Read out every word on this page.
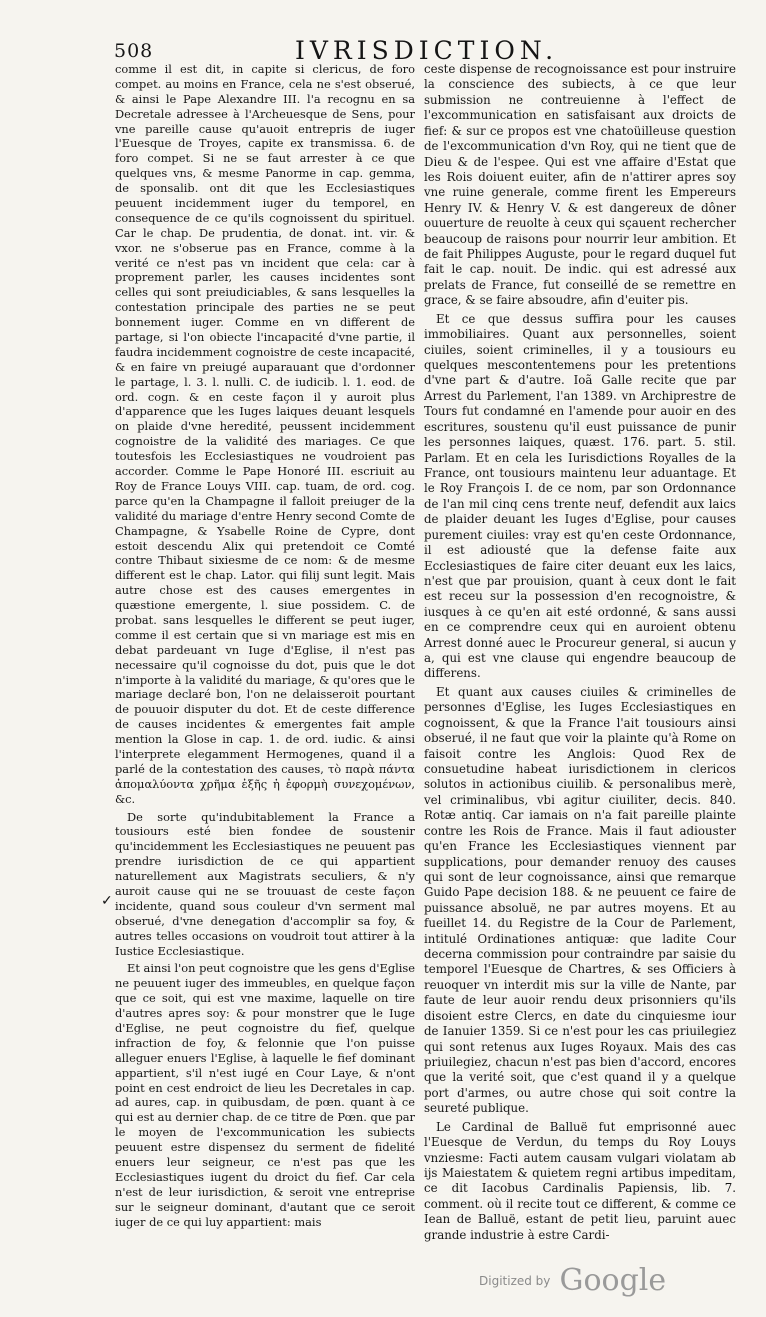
508	IVRISDICTION.
✓

comme il est dit, in capite si clericus, de foro compet. au moins en France, cela ne s'est obserué, & ainsi le Pape Alexandre III. l'a recognu en sa Decretale adressee à l'Archeuesque de Sens, pour vne pareille cause qu'auoit entrepris de iuger l'Euesque de Troyes, capite ex transmissa. 6. de foro compet. Si ne se faut arrester à ce que quelques vns, & mesme Panorme in cap. gemma, de sponsalib. ont dit que les Ecclesiastiques peuuent incidemment iuger du temporel, en consequence de ce qu'ils cognoissent du spirituel. Car le chap. De prudentia, de donat. int. vir. & vxor. ne s'obserue pas en France, comme à la verité ce n'est pas vn incident que cela: car à proprement parler, les causes incidentes sont celles qui sont preiudiciables, & sans lesquelles la contestation principale des parties ne se peut bonnement iuger. Comme en vn different de partage, si l'on obiecte l'incapacité d'vne partie, il faudra incidemment cognoistre de ceste incapacité, & en faire vn preiugé auparauant que d'ordonner le partage, l. 3. l. nulli. C. de iudicib. l. 1. eod. de ord. cogn. & en ceste façon il y auroit plus d'apparence que les Iuges laiques deuant lesquels on plaide d'vne heredité, peussent incidemment cognoistre de la validité des mariages. Ce que toutesfois les Ecclesiastiques ne voudroient pas accorder. Comme le Pape Honoré III. escriuit au Roy de France Louys VIII. cap. tuam, de ord. cog. parce qu'en la Champagne il falloit preiuger de la validité du mariage d'entre Henry second Comte de Champagne, & Ysabelle Roine de Cypre, dont estoit descendu Alix qui pretendoit ce Comté contre Thibaut sixiesme de ce nom: & de mesme different est le chap. Lator. qui filij sunt legit. Mais autre chose est des causes emergentes in quæstione emergente, l. siue possidem. C. de probat. sans lesquelles le different se peut iuger, comme il est certain que si vn mariage est mis en debat pardeuant vn Iuge d'Eglise, il n'est pas necessaire qu'il cognoisse du dot, puis que le dot n'importe à la validité du mariage, & qu'ores que le mariage declaré bon, l'on ne delaisseroit pourtant de pouuoir disputer du dot. Et de ceste difference de causes incidentes & emergentes fait ample mention la Glose in cap. 1. de ord. iudic. & ainsi l'interprete elegamment Hermogenes, quand il a parlé de la contestation des causes, τὸ παρὰ πάντα ἀπομαλύοντα χρῆμα ἐξῆς ἡ ἐφορμὴ συνεχομένων, &c.

De sorte qu'indubitablement la France a tousiours esté bien fondee de soustenir qu'incidemment les Ecclesiastiques ne peuuent pas prendre iurisdiction de ce qui appartient naturellement aux Magistrats seculiers, & n'y auroit cause qui ne se trouuast de ceste façon incidente, quand sous couleur d'vn serment mal obserué, d'vne denegation d'accomplir sa foy, & autres telles occasions on voudroit tout attirer à la Iustice Ecclesiastique.

Et ainsi l'on peut cognoistre que les gens d'Eglise ne peuuent iuger des immeubles, en quelque façon que ce soit, qui est vne maxime, laquelle on tire d'autres apres soy: & pour monstrer que le Iuge d'Eglise, ne peut cognoistre du fief, quelque infraction de foy, & felonnie que l'on puisse alleguer enuers l'Eglise, à laquelle le fief dominant appartient, s'il n'est iugé en Cour Laye, & n'ont point en cest endroict de lieu les Decretales in cap. ad aures, cap. in quibusdam, de pœn. quant à ce qui est au dernier chap. de ce titre de Pœn. que par le moyen de l'excommunication les subiects peuuent estre dispensez du serment de fidelité enuers leur seigneur, ce n'est pas que les Ecclesiastiques iugent du droict du fief. Car cela n'est de leur iurisdiction, & seroit vne entreprise sur le seigneur dominant, d'autant que ce seroit iuger de ce qui luy appartient: mais

ceste dispense de recognoissance est pour instruire la conscience des subiects, à ce que leur submission ne contreuienne à l'effect de l'excommunication en satisfaisant aux droicts de fief: & sur ce propos est vne chatoüilleuse question de l'excommunication d'vn Roy, qui ne tient que de Dieu & de l'espee. Qui est vne affaire d'Estat que les Rois doiuent euiter, afin de n'attirer apres soy vne ruine generale, comme firent les Empereurs Henry IV. & Henry V. & est dangereux de dôner ouuerture de reuolte à ceux qui sçauent rechercher beaucoup de raisons pour nourrir leur ambition. Et de fait Philippes Auguste, pour le regard duquel fut fait le cap. nouit. De indic. qui est adressé aux prelats de France, fut conseillé de se remettre en grace, & se faire absoudre, afin d'euiter pis.

Et ce que dessus suffira pour les causes immobiliaires. Quant aux personnelles, soient ciuiles, soient criminelles, il y a tousiours eu quelques mescontentemens pour les pretentions d'vne part & d'autre. Ioã Galle recite que par Arrest du Parlement, l'an 1389. vn Archiprestre de Tours fut condamné en l'amende pour auoir en des escritures, soustenu qu'il eust puissance de punir les personnes laiques, quæst. 176. part. 5. stil. Parlam. Et en cela les Iurisdictions Royalles de la France, ont tousiours maintenu leur aduantage. Et le Roy François I. de ce nom, par son Ordonnance de l'an mil cinq cens trente neuf, defendit aux laics de plaider deuant les Iuges d'Eglise, pour causes purement ciuiles: vray est qu'en ceste Ordonnance, il est adiousté que la defense faite aux Ecclesiastiques de faire citer deuant eux les laics, n'est que par prouision, quant à ceux dont le fait est receu sur la possession d'en recognoistre, & iusques à ce qu'en ait esté ordonné, & sans aussi en ce comprendre ceux qui en auroient obtenu Arrest donné auec le Procureur general, si aucun y a, qui est vne clause qui engendre beaucoup de differens.

Et quant aux causes ciuiles & criminelles de personnes d'Eglise, les Iuges Ecclesiastiques en cognoissent, & que la France l'ait tousiours ainsi obserué, il ne faut que voir la plainte qu'à Rome on faisoit contre les Anglois: Quod Rex de consuetudine habeat iurisdictionem in clericos solutos in actionibus ciuilib. & personalibus merè, vel criminalibus, vbi agitur ciuiliter, decis. 840. Rotæ antiq. Car iamais on n'a fait pareille plainte contre les Rois de France. Mais il faut adiouster qu'en France les Ecclesiastiques viennent par supplications, pour demander renuoy des causes qui sont de leur cognoissance, ainsi que remarque Guido Pape decision 188. & ne peuuent ce faire de puissance absoluë, ne par autres moyens. Et au fueillet 14. du Registre de la Cour de Parlement, intitulé Ordinationes antiquæ: que ladite Cour decerna commission pour contraindre par saisie du temporel l'Euesque de Chartres, & ses Officiers à reuoquer vn interdit mis sur la ville de Nante, par faute de leur auoir rendu deux prisonniers qu'ils disoient estre Clercs, en date du cinquiesme iour de Ianuier 1359. Si ce n'est pour les cas priuilegiez qui sont retenus aux Iuges Royaux. Mais des cas priuilegiez, chacun n'est pas bien d'accord, encores que la verité soit, que c'est quand il y a quelque port d'armes, ou autre chose qui soit contre la seureté publique.

Le Cardinal de Balluë fut emprisonné auec l'Euesque de Verdun, du temps du Roy Louys vnziesme: Facti autem causam vulgari violatam ab ijs Maiestatem & quietem regni artibus impeditam, ce dit Iacobus Cardinalis Papiensis, lib. 7. comment. où il recite tout ce different, & comme ce Iean de Balluë, estant de petit lieu, paruint auec grande industrie à estre Cardi-

Digitized by Google
